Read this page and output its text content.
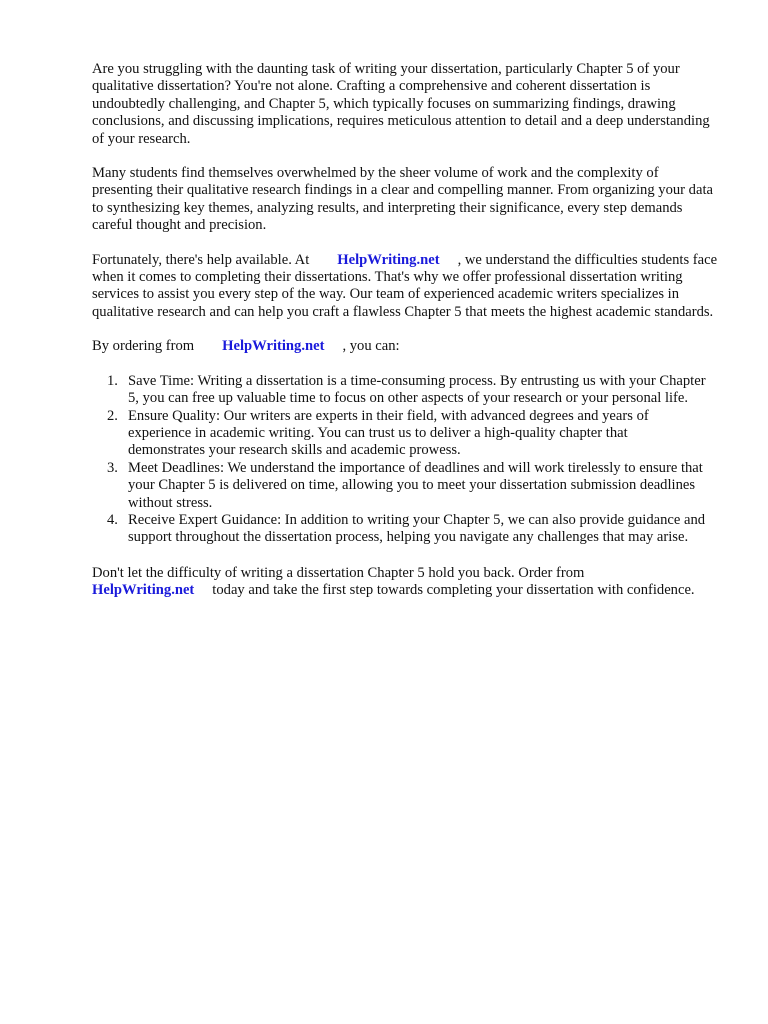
Are you struggling with the daunting task of writing your dissertation, particularly Chapter 5 of your qualitative dissertation? You're not alone. Crafting a comprehensive and coherent dissertation is undoubtedly challenging, and Chapter 5, which typically focuses on summarizing findings, drawing conclusions, and discussing implications, requires meticulous attention to detail and a deep understanding of your research.

Many students find themselves overwhelmed by the sheer volume of work and the complexity of presenting their qualitative research findings in a clear and compelling manner. From organizing your data to synthesizing key themes, analyzing results, and interpreting their significance, every step demands careful thought and precision.

Fortunately, there's help available. At HelpWriting.net , we understand the difficulties students face when it comes to completing their dissertations. That's why we offer professional dissertation writing services to assist you every step of the way. Our team of experienced academic writers specializes in qualitative research and can help you craft a flawless Chapter 5 that meets the highest academic standards.

By ordering from HelpWriting.net , you can:

1. Save Time: Writing a dissertation is a time-consuming process. By entrusting us with your Chapter 5, you can free up valuable time to focus on other aspects of your research or your personal life.
2. Ensure Quality: Our writers are experts in their field, with advanced degrees and years of experience in academic writing. You can trust us to deliver a high-quality chapter that demonstrates your research skills and academic prowess.
3. Meet Deadlines: We understand the importance of deadlines and will work tirelessly to ensure that your Chapter 5 is delivered on time, allowing you to meet your dissertation submission deadlines without stress.
4. Receive Expert Guidance: In addition to writing your Chapter 5, we can also provide guidance and support throughout the dissertation process, helping you navigate any challenges that may arise.

Don't let the difficulty of writing a dissertation Chapter 5 hold you back. Order from HelpWriting.net today and take the first step towards completing your dissertation with confidence.
